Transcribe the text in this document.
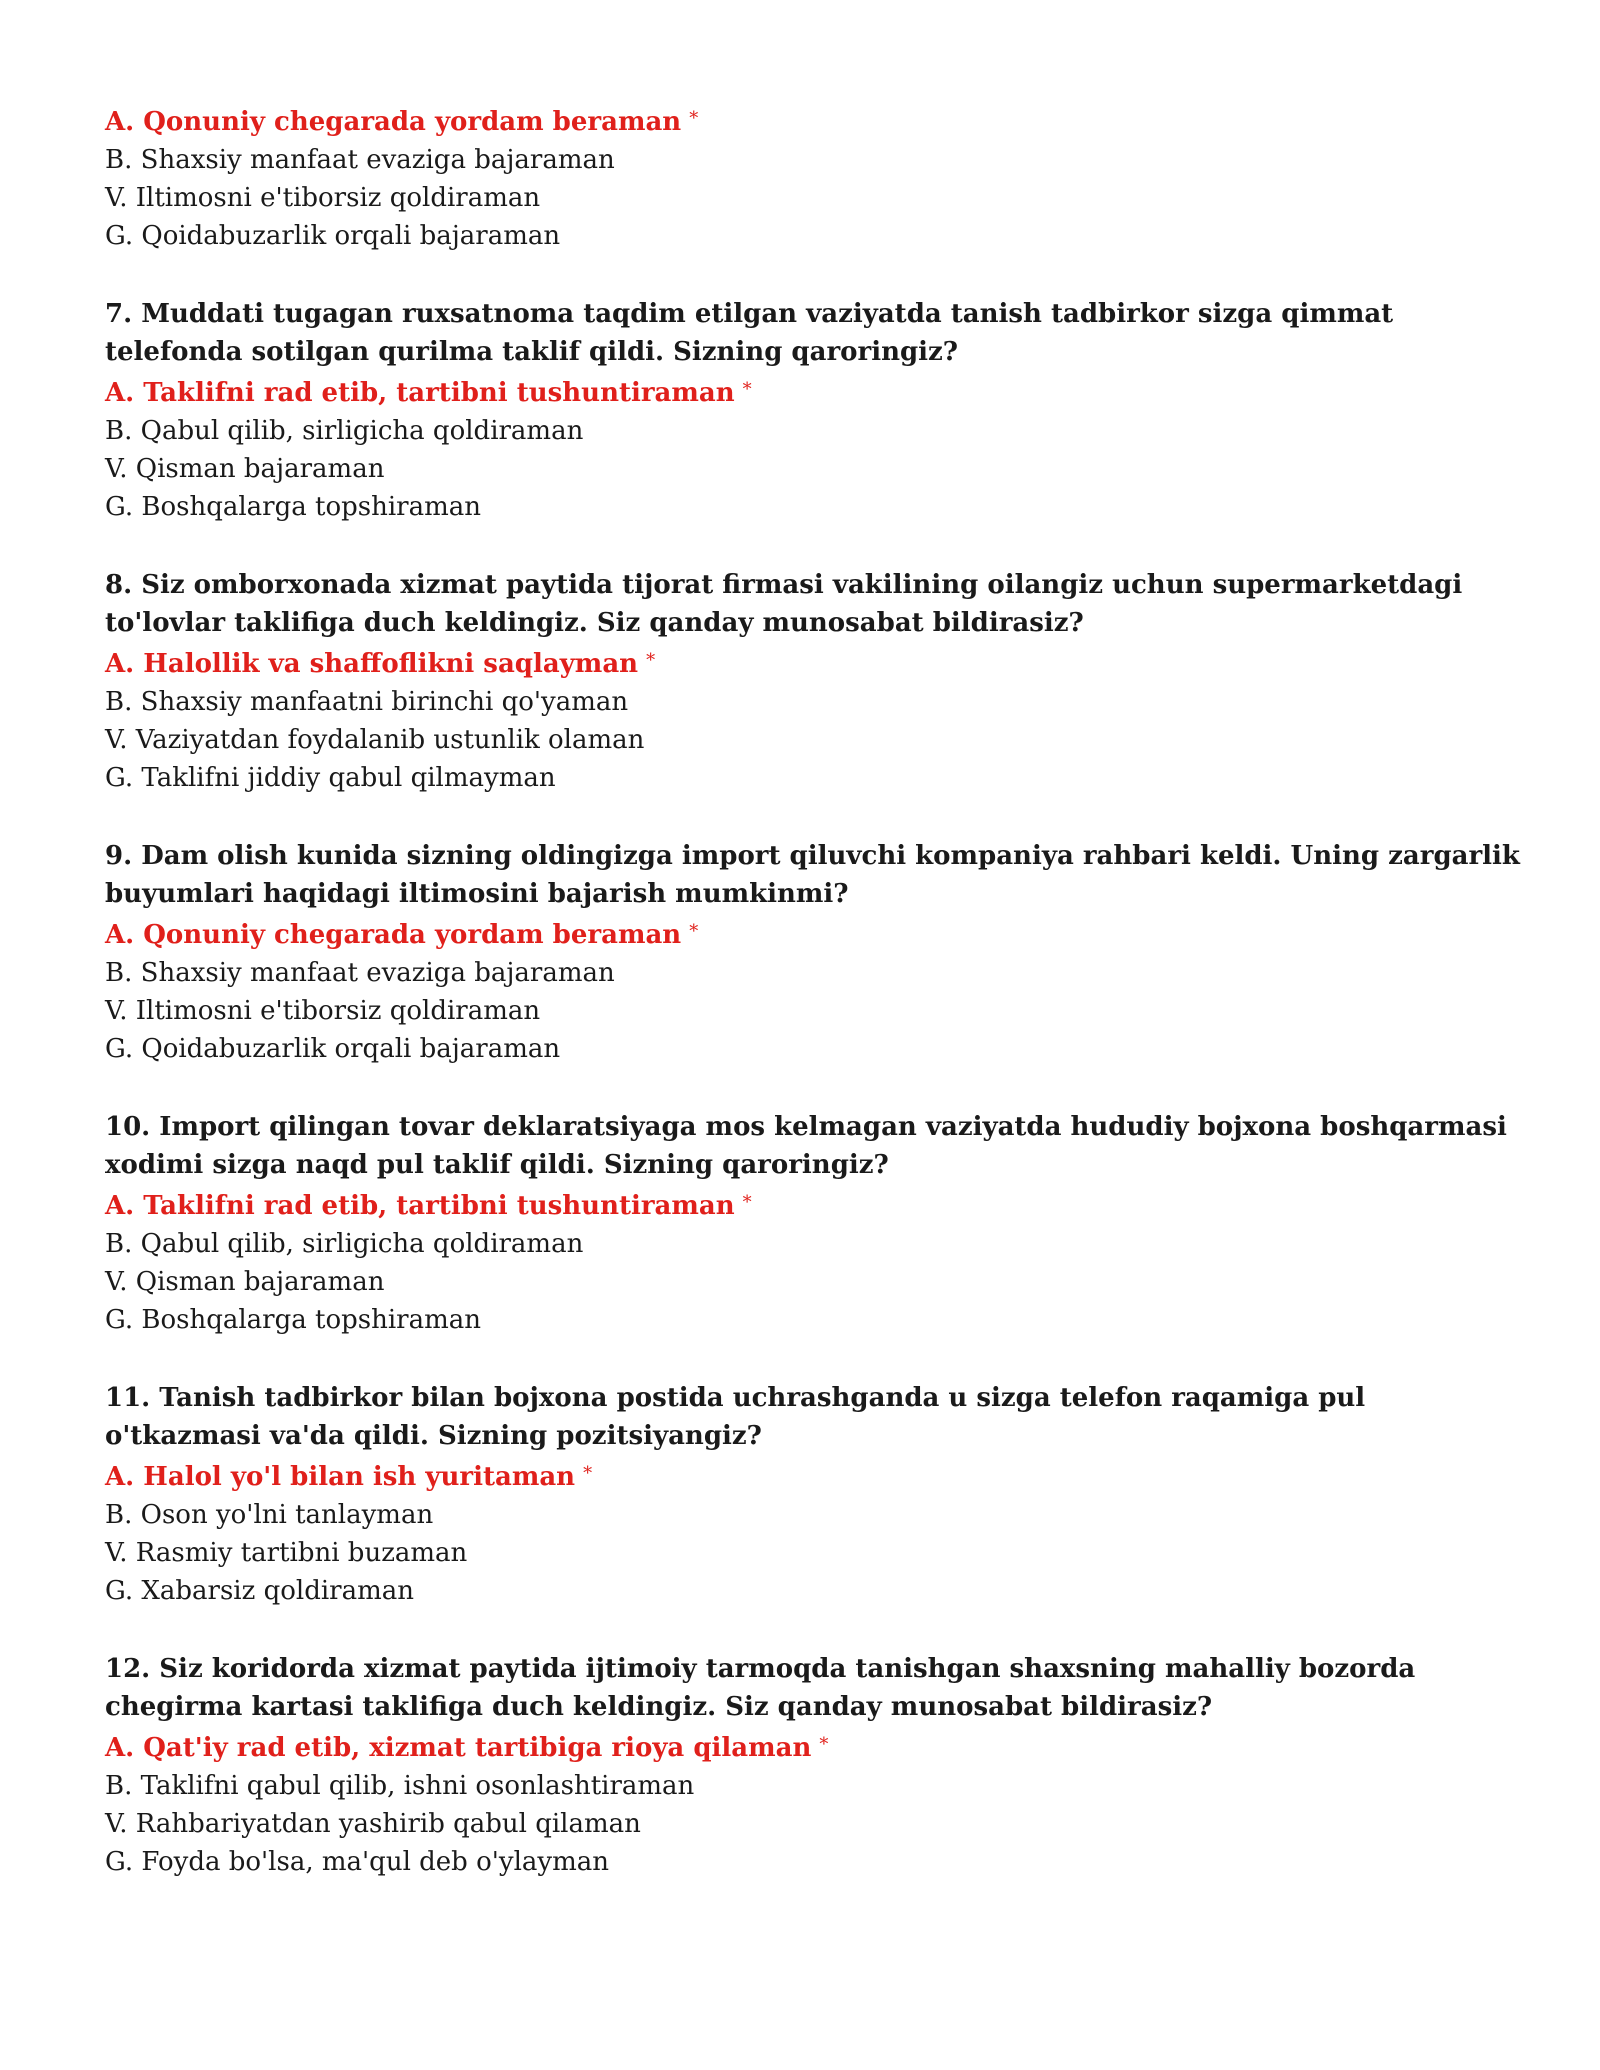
A. Qonuniy chegarada yordam beraman *
B. Shaxsiy manfaat evaziga bajaraman
V. Iltimosni e'tiborsiz qoldiraman
G. Qoidabuzarlik orqali bajaraman
7. Muddati tugagan ruxsatnoma taqdim etilgan vaziyatda tanish tadbirkor sizga qimmat telefonda sotilgan qurilma taklif qildi. Sizning qaroringiz?
A. Taklifni rad etib, tartibni tushuntiraman *
B. Qabul qilib, sirligicha qoldiraman
V. Qisman bajaraman
G. Boshqalarga topshiraman
8. Siz omborxonada xizmat paytida tijorat firmasi vakilining oilangiz uchun supermarketdagi to'lovlar taklifiga duch keldingiz. Siz qanday munosabat bildirasiz?
A. Halollik va shaffoflikni saqlayman *
B. Shaxsiy manfaatni birinchi qo'yaman
V. Vaziyatdan foydalanib ustunlik olaman
G. Taklifni jiddiy qabul qilmayman
9. Dam olish kunida sizning oldingizga import qiluvchi kompaniya rahbari keldi. Uning zargarlik buyumlari haqidagi iltimosini bajarish mumkinmi?
A. Qonuniy chegarada yordam beraman *
B. Shaxsiy manfaat evaziga bajaraman
V. Iltimosni e'tiborsiz qoldiraman
G. Qoidabuzarlik orqali bajaraman
10. Import qilingan tovar deklaratsiyaga mos kelmagan vaziyatda hududiy bojxona boshqarmasi xodimi sizga naqd pul taklif qildi. Sizning qaroringiz?
A. Taklifni rad etib, tartibni tushuntiraman *
B. Qabul qilib, sirligicha qoldiraman
V. Qisman bajaraman
G. Boshqalarga topshiraman
11. Tanish tadbirkor bilan bojxona postida uchrashganda u sizga telefon raqamiga pul o'tkazmasi va'da qildi. Sizning pozitsiyangiz?
A. Halol yo'l bilan ish yuritaman *
B. Oson yo'lni tanlayman
V. Rasmiy tartibni buzaman
G. Xabarsiz qoldiraman
12. Siz koridorda xizmat paytida ijtimoiy tarmoqda tanishgan shaxsning mahalliy bozorda chegirma kartasi taklifiga duch keldingiz. Siz qanday munosabat bildirasiz?
A. Qat'iy rad etib, xizmat tartibiga rioya qilaman *
B. Taklifni qabul qilib, ishni osonlashtiraman
V. Rahbariyatdan yashirib qabul qilaman
G. Foyda bo'lsa, ma'qul deb o'ylayman
